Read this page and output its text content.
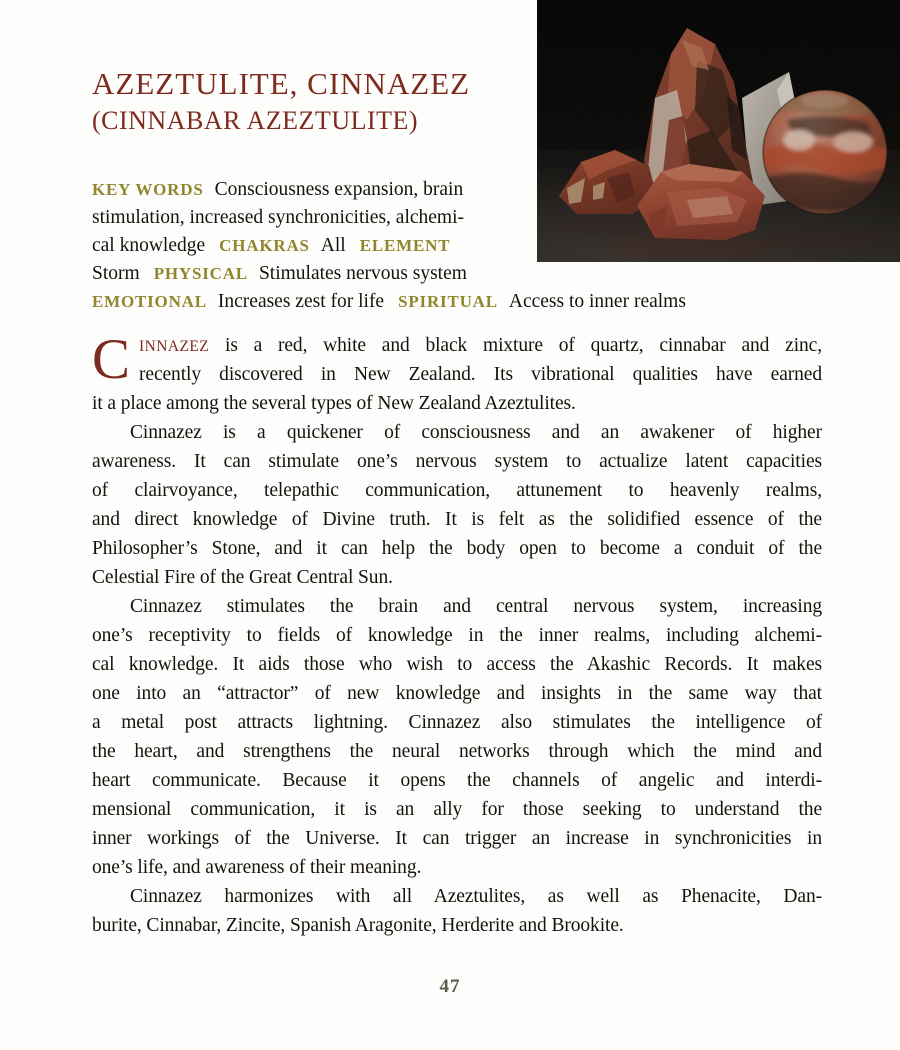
AZEZTULITE, CINNAZEZ
(CINNABAR AZEZTULITE)
KEY WORDS Consciousness expansion, brain
stimulation, increased synchronicities, alchemi-
cal knowledge CHAKRAS All ELEMENT
Storm PHYSICAL Stimulates nervous system
EMOTIONAL Increases zest for life SPIRITUAL Access to inner realms
C INNAZEZ is a red, white and black mixture of quartz, cinnabar and zinc,
recently discovered in New Zealand. Its vibrational qualities have earned
it a place among the several types of New Zealand Azeztulites.
Cinnazez is a quickener of consciousness and an awakener of higher
awareness. It can stimulate one’s nervous system to actualize latent capacities
of clairvoyance, telepathic communication, attunement to heavenly realms,
and direct knowledge of Divine truth. It is felt as the solidified essence of the
Philosopher’s Stone, and it can help the body open to become a conduit of the
Celestial Fire of the Great Central Sun.
Cinnazez stimulates the brain and central nervous system, increasing
one’s receptivity to fields of knowledge in the inner realms, including alchemi-
cal knowledge. It aids those who wish to access the Akashic Records. It makes
one into an “attractor” of new knowledge and insights in the same way that
a metal post attracts lightning. Cinnazez also stimulates the intelligence of
the heart, and strengthens the neural networks through which the mind and
heart communicate. Because it opens the channels of angelic and interdi-
mensional communication, it is an ally for those seeking to understand the
inner workings of the Universe. It can trigger an increase in synchronicities in
one’s life, and awareness of their meaning.
Cinnazez harmonizes with all Azeztulites, as well as Phenacite, Dan-
burite, Cinnabar, Zincite, Spanish Aragonite, Herderite and Brookite.
47
